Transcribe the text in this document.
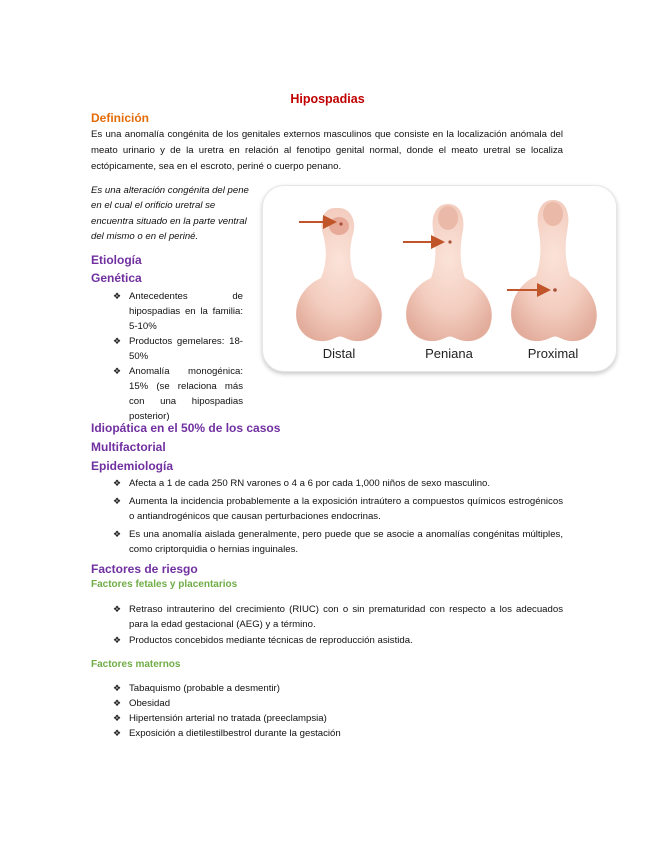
Hipospadias
Definición
Es una anomalía congénita de los genitales externos masculinos que consiste en la localización anómala del meato urinario y de la uretra en relación al fenotipo genital normal, donde el meato uretral se localiza ectópicamente, sea en el escroto, periné o cuerpo penano.
Es una alteración congénita del pene en el cual el orificio uretral se encuentra situado en la parte ventral del mismo o en el periné.
Distal	Peniana	Proximal
Etiología
Genética
❖ Antecedentes de hipospadias en la familia: 5-10%
❖ Productos gemelares: 18-50%
❖ Anomalía monogénica: 15% (se relaciona más con una hipospadias posterior)
Idiopática en el 50% de los casos
Multifactorial
Epidemiología
❖ Afecta a 1 de cada 250 RN varones o 4 a 6 por cada 1,000 niños de sexo masculino.
❖ Aumenta la incidencia probablemente a la exposición intraútero a compuestos químicos estrogénicos o antiandrogénicos que causan perturbaciones endocrinas.
❖ Es una anomalía aislada generalmente, pero puede que se asocie a anomalías congénitas múltiples, como criptorquidia o hernias inguinales.
Factores de riesgo
Factores fetales y placentarios
❖ Retraso intrauterino del crecimiento (RIUC) con o sin prematuridad con respecto a los adecuados para la edad gestacional (AEG) y a término.
❖ Productos concebidos mediante técnicas de reproducción asistida.
Factores maternos
❖ Tabaquismo (probable a desmentir)
❖ Obesidad
❖ Hipertensión arterial no tratada (preeclampsia)
❖ Exposición a dietilestilbestrol durante la gestación
